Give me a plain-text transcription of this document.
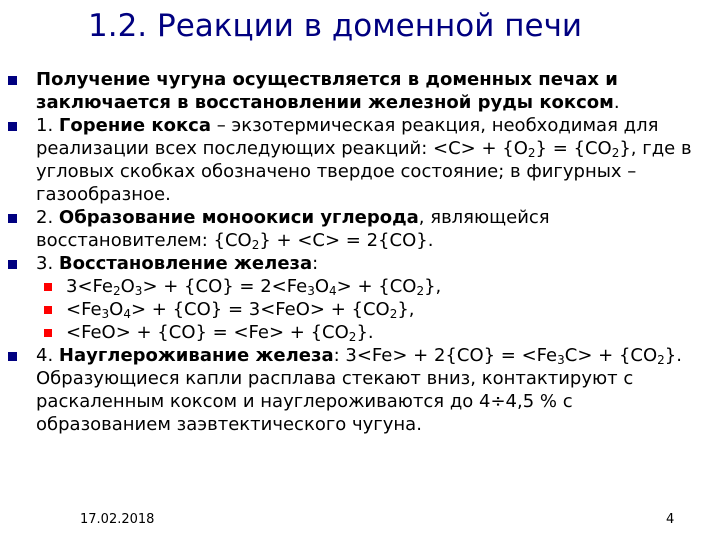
1.2. Реакции в доменной печи
Получение чугуна осуществляется в доменных печах и заключается в восстановлении железной руды коксом.
1. Горение кокса – экзотермическая реакция, необходимая для реализации всех последующих реакций: $<С> + \{O_2\} = \{CO_2\}$, где в угловых скобках обозначено твердое состояние; в фигурных – газообразное.
2. Образование моноокиси углерода, являющейся восстановителем: $\{СО_2\} + <C> = 2\{CO\}$.
3. Восстановление железа:
$3<Fe_2O_3> + \{CO\} = 2<Fe_3O_4> + \{CO_2\}$,
$<Fe_3O_4> + \{CO\} = 3<FeO> + \{CO_2\}$,
$<FeO> + \{CO\} = <Fe> + \{CO_2\}$.
4. Науглероживание железа: $3<Fe> + 2\{CO\} = <Fe_3C> + \{CO_2\}$. Образующиеся капли расплава стекают вниз, контактируют с раскаленным коксом и науглероживаются до 4÷4,5 % с образованием заэвтектического чугуна.
17.02.2018	4
